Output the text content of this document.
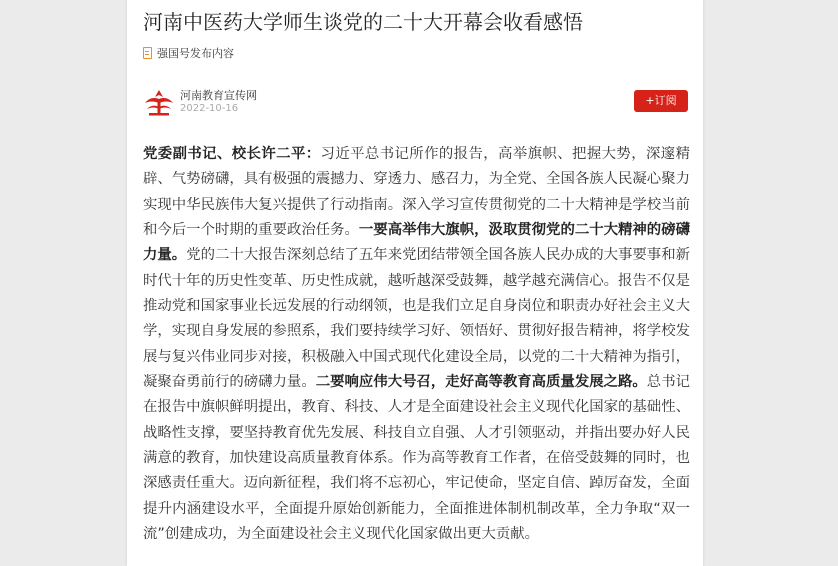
河南中医药大学师生谈党的二十大开幕会收看感悟
强国号发布内容
河南教育宣传网
2022-10-16
+订阅

党委副书记、校长许二平：习近平总书记所作的报告，高举旗帜、把握大势，深邃精辟、气势磅礴，具有极强的震撼力、穿透力、感召力，为全党、全国各族人民凝心聚力实现中华民族伟大复兴提供了行动指南。深入学习宣传贯彻党的二十大精神是学校当前和今后一个时期的重要政治任务。一要高举伟大旗帜，汲取贯彻党的二十大精神的磅礴力量。党的二十大报告深刻总结了五年来党团结带领全国各族人民办成的大事要事和新时代十年的历史性变革、历史性成就，越听越深受鼓舞，越学越充满信心。报告不仅是推动党和国家事业长远发展的行动纲领，也是我们立足自身岗位和职责办好社会主义大学，实现自身发展的参照系，我们要持续学习好、领悟好、贯彻好报告精神，将学校发展与复兴伟业同步对接，积极融入中国式现代化建设全局，以党的二十大精神为指引，凝聚奋勇前行的磅礴力量。二要响应伟大号召，走好高等教育高质量发展之路。总书记在报告中旗帜鲜明提出，教育、科技、人才是全面建设社会主义现代化国家的基础性、战略性支撑，要坚持教育优先发展、科技自立自强、人才引领驱动，并指出要办好人民满意的教育，加快建设高质量教育体系。作为高等教育工作者，在倍受鼓舞的同时，也深感责任重大。迈向新征程，我们将不忘初心，牢记使命，坚定自信、踔厉奋发，全面提升内涵建设水平，全面提升原始创新能力，全面推进体制机制改革，全力争取“双一流”创建成功，为全面建设社会主义现代化国家做出更大贡献。
